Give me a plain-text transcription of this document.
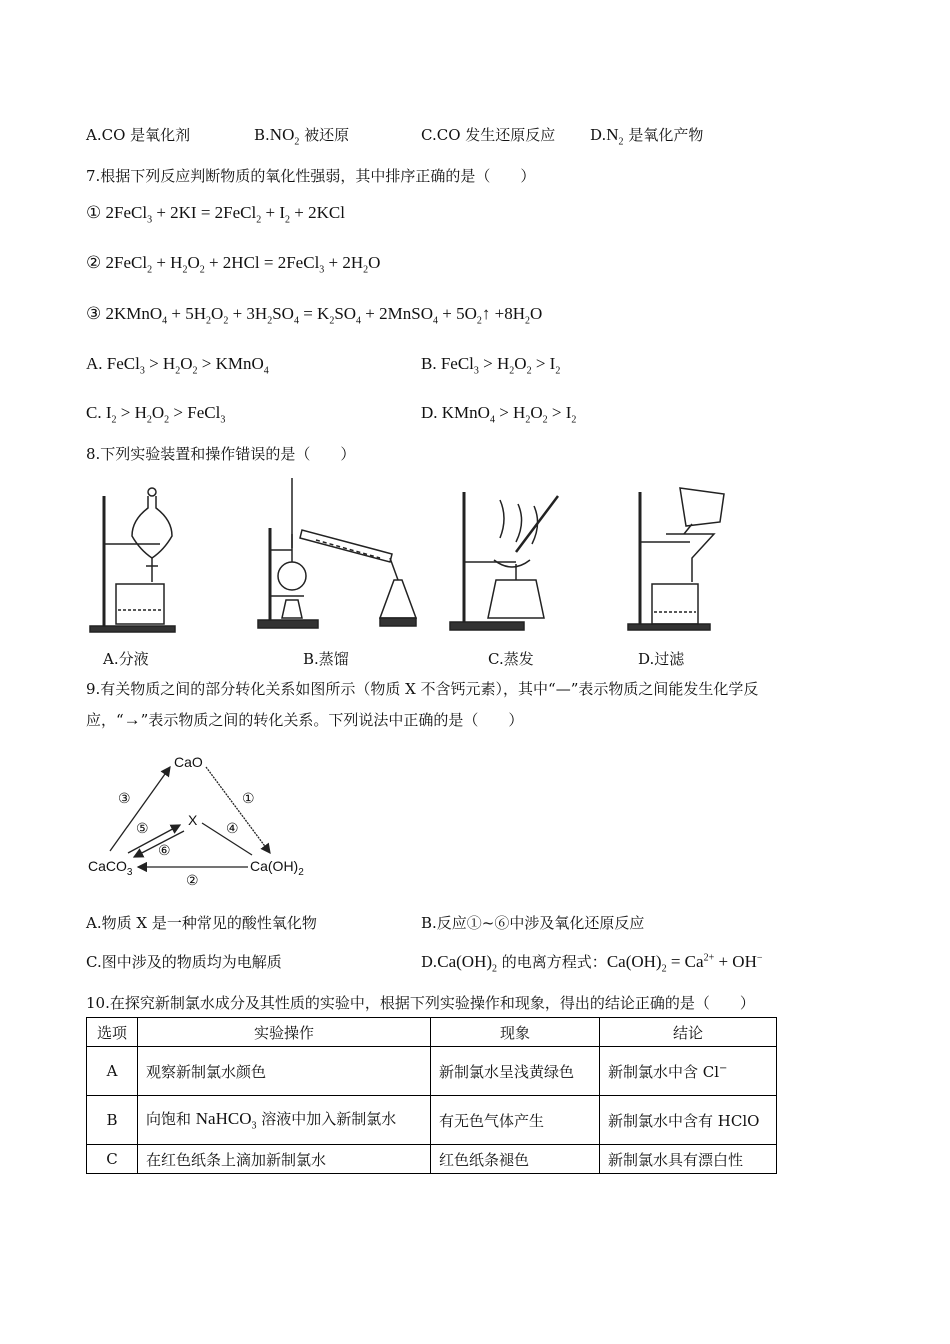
A.CO 是氧化剂	$B.NO_2$ 被还原	C.CO 发生还原反应 $D.N_2$ 是氧化产物
7.根据下列反应判断物质的氧化性强弱，其中排序正确的是（　　）
① 2FeCl$_3$ + 2KI = 2FeCl$_2$ + $I_2 + 2KCl$
② 2FeCl$_2$ + $H_2O_2 + 2HCl$ = 2FeCl$_3$ + $2H_2O$
③ 2KMnO$_4$ + $5H_2O_2 + 3H_2SO_4 = K_2SO_4$ + 2MnSO$_4$ + $5O_2↑ +8H_2O$
A. FeCl$_3$ > $H_2O_2$ > KMnO$_4$	B. FeCl$_3$ > $H_2O_2 > I_2$
C. $I_2 > H_2O_2$ > FeCl$_3$	D. KMnO$_4$ > $H_2O_2 > I_2$
8.下列实验装置和操作错误的是（　　）
A.分液	B.蒸馏	C.蒸发	D.过滤
9.有关物质之间的部分转化关系如图所示（物质 X 不含钙元素），其中“—”表示物质之间能发生化学反
应，“→”表示物质之间的转化关系。下列说法中正确的是（　　）
CaO
X
CaCO$_3$	$Ca(OH)_2$
③	①
⑤	④
⑥
②
A.物质 X 是一种常见的酸性氧化物	B.反应①~⑥中涉及氧化还原反应
C.图中涉及的物质均为电解质	$D.Ca(OH)_2$ 的电离方程式：$Ca(OH)_2 = Ca^{2+} + OH^-$
10.在探究新制氯水成分及其性质的实验中，根据下列实验操作和现象，得出的结论正确的是（　　）
选项	实验操作	现象	结论
A	观察新制氯水颜色	新制氯水呈浅黄绿色	新制氯水中含 Cl−
B	向饱和 NaHCO$_3$ 溶液中加入新制氯水	有无色气体产生	新制氯水中含有 HClO
C	在红色纸条上滴加新制氯水	红色纸条褪色	新制氯水具有漂白性
